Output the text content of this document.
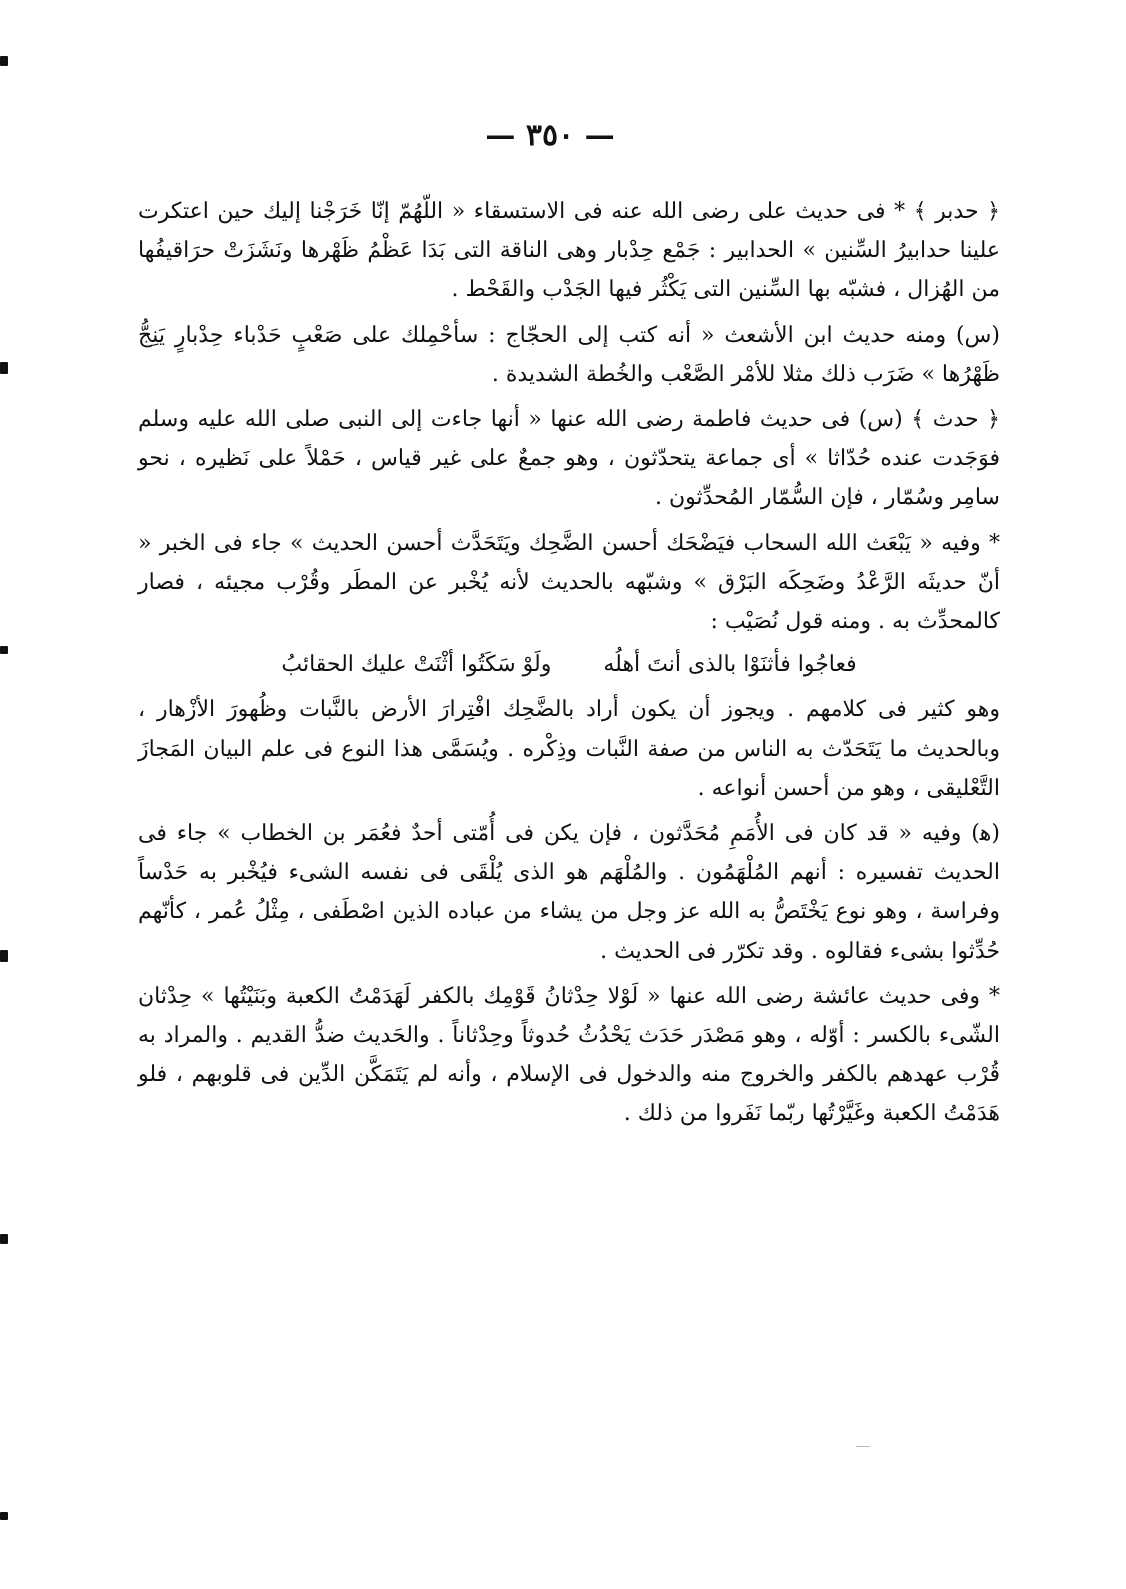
— ٣٥٠ —

﴿ حدبر ﴾ * فى حديث على رضى الله عنه فى الاستسقاء « اللّهُمّ إنّا خَرَجْنا إليك حين اعتكرت علينا حدابيرُ السِّنين » الحدابير : جَمْع حِدْبار وهى الناقة التى بَدَا عَظْمُ ظَهْرها ونَشَزَتْ حرَاقيفُها من الهُزال ، فشبّه بها السِّنين التى يَكْثُر فيها الجَدْب والقَحْط .

(س) ومنه حديث ابن الأشعث « أنه كتب إلى الحجّاج : سأحْمِلك على صَعْبٍ حَدْباء حِدْبارٍ يَنِجُّ ظَهْرُها » ضَرَب ذلك مثلا للأمْر الصَّعْب والخُطة الشديدة .

﴿ حدث ﴾ (س) فى حديث فاطمة رضى الله عنها « أنها جاءت إلى النبى صلى الله عليه وسلم فوَجَدت عنده حُدّاثا » أى جماعة يتحدّثون ، وهو جمعٌ على غير قياس ، حَمْلاً على نَظيره ، نحو سامِر وسُمّار ، فإن السُّمّار المُحدِّثون .

* وفيه « يَبْعَث الله السحاب فيَضْحَك أحسن الضَّحِك ويَتَحَدَّث أحسن الحديث » جاء فى الخبر « أنّ حديثَه الرَّعْدُ وضَحِكَه البَرْق » وشبّهه بالحديث لأنه يُخْبر عن المطَر وقُرْب مجيئه ، فصار كالمحدِّث به . ومنه قول نُصَيْب :

فعاجُوا فأثنَوْا بالذى أنتَ أهلُهولَوْ سَكَتُوا أثْنَتْ عليك الحقائبُ

وهو كثير فى كلامهم . ويجوز أن يكون أراد بالضَّحِك افْتِرارَ الأرض بالنَّبات وظُهورَ الأزْهار ، وبالحديث ما يَتَحَدّث به الناس من صفة النَّبات وذِكْره . ويُسَمَّى هذا النوع فى علم البيان المَجازَ التَّعْليقى ، وهو من أحسن أنواعه .

(ﻫ) وفيه « قد كان فى الأُمَمِ مُحَدَّثون ، فإن يكن فى أُمّتى أحدٌ فعُمَر بن الخطاب » جاء فى الحديث تفسيره : أنهم المُلْهَمُون . والمُلْهَم هو الذى يُلْقَى فى نفسه الشىء فيُخْبر به حَدْساً وفراسة ، وهو نوع يَخْتَصُّ به الله عز وجل من يشاء من عباده الذين اصْطَفى ، مِثْلُ عُمر ، كأنّهم حُدِّثوا بشىء فقالوه . وقد تكرّر فى الحديث .

* وفى حديث عائشة رضى الله عنها « لَوْلا حِدْثانُ قَوْمِك بالكفر لَهَدَمْتُ الكعبة وبَنَيْتُها » حِدْثان الشّىء بالكسر : أوّله ، وهو مَصْدَر حَدَث يَحْدُثُ حُدوثاً وحِدْثاناً . والحَديث ضدُّ القديم . والمراد به قُرْب عهدهم بالكفر والخروج منه والدخول فى الإسلام ، وأنه لم يَتَمَكَّن الدِّين فى قلوبهم ، فلو هَدَمْتُ الكعبة وغَيَّرْتُها ربّما نَفَروا من ذلك .
